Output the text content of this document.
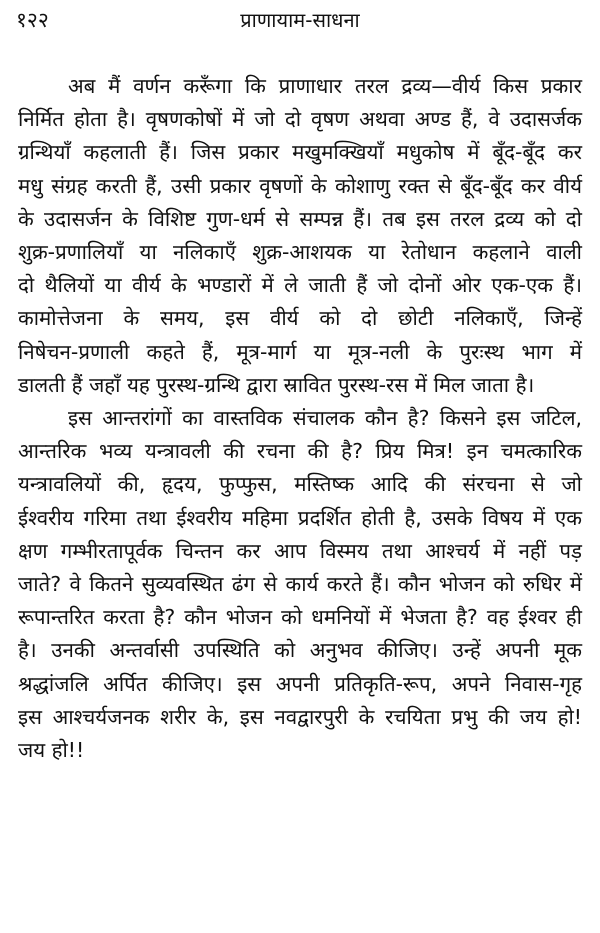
१२२	प्राणायाम-साधना

अब मैं वर्णन करूँगा कि प्राणाधार तरल द्रव्य—वीर्य किस प्रकार
निर्मित होता है। वृषणकोषों में जो दो वृषण अथवा अण्ड हैं, वे उदासर्जक
ग्रन्थियाँ कहलाती हैं। जिस प्रकार मखुमक्खियाँ मधुकोष में बूँद-बूँद कर
मधु संग्रह करती हैं, उसी प्रकार वृषणों के कोशाणु रक्त से बूँद-बूँद कर वीर्य
के उदासर्जन के विशिष्ट गुण-धर्म से सम्पन्न हैं। तब इस तरल द्रव्य को दो
शुक्र-प्रणालियाँ या नलिकाएँ शुक्र-आशयक या रेतोधान कहलाने वाली
दो थैलियों या वीर्य के भण्डारों में ले जाती हैं जो दोनों ओर एक-एक हैं।
कामोत्तेजना के समय, इस वीर्य को दो छोटी नलिकाएँ, जिन्हें
निषेचन-प्रणाली कहते हैं, मूत्र-मार्ग या मूत्र-नली के पुरःस्थ भाग में
डालती हैं जहाँ यह पुरस्थ-ग्रन्थि द्वारा स्रावित पुरस्थ-रस में मिल जाता है।

इस आन्तरांगों का वास्तविक संचालक कौन है? किसने इस जटिल,
आन्तरिक भव्य यन्त्रावली की रचना की है? प्रिय मित्र! इन चमत्कारिक
यन्त्रावलियों की, हृदय, फुप्फुस, मस्तिष्क आदि की संरचना से जो
ईश्वरीय गरिमा तथा ईश्वरीय महिमा प्रदर्शित होती है, उसके विषय में एक
क्षण गम्भीरतापूर्वक चिन्तन कर आप विस्मय तथा आश्चर्य में नहीं पड़
जाते? वे कितने सुव्यवस्थित ढंग से कार्य करते हैं। कौन भोजन को रुधिर में
रूपान्तरित करता है? कौन भोजन को धमनियों में भेजता है? वह ईश्वर ही
है। उनकी अन्तर्वासी उपस्थिति को अनुभव कीजिए। उन्हें अपनी मूक
श्रद्धांजलि अर्पित कीजिए। इस अपनी प्रतिकृति-रूप, अपने निवास-गृह
इस आश्चर्यजनक शरीर के, इस नवद्वारपुरी के रचयिता प्रभु की जय हो!
जय हो!!
